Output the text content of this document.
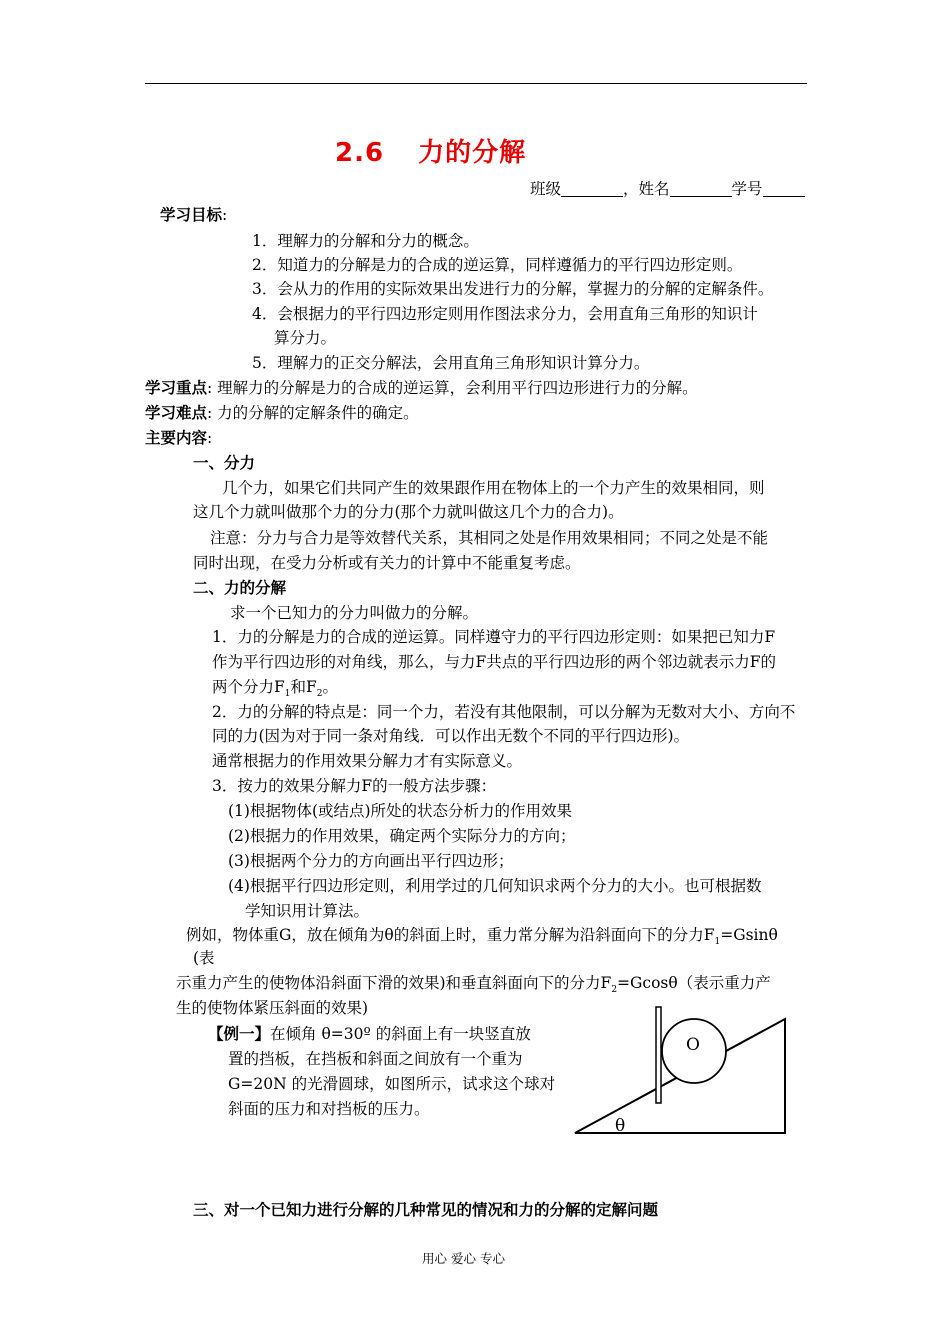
2.6 力的分解
班级	，姓名	学号
学习目标:
1．理解力的分解和分力的概念。
2．知道力的分解是力的合成的逆运算，同样遵循力的平行四边形定则。
3．会从力的作用的实际效果出发进行力的分解，掌握力的分解的定解条件。
4．会根据力的平行四边形定则用作图法求分力，会用直角三角形的知识计
算分力。
5．理解力的正交分解法，会用直角三角形知识计算分力。
学习重点: 理解力的分解是力的合成的逆运算，会利用平行四边形进行力的分解。
学习难点: 力的分解的定解条件的确定。
主要内容:
一、分力
几个力，如果它们共同产生的效果跟作用在物体上的一个力产生的效果相同，则
这几个力就叫做那个力的分力(那个力就叫做这几个力的合力)。
注意：分力与合力是等效替代关系，其相同之处是作用效果相同；不同之处是不能
同时出现，在受力分析或有关力的计算中不能重复考虑。
二、力的分解
求一个已知力的分力叫做力的分解。
1．力的分解是力的合成的逆运算。同样遵守力的平行四边形定则：如果把已知力F
作为平行四边形的对角线，那么，与力F共点的平行四边形的两个邻边就表示力F的
两个分力$F_1$和$F_2$。
2．力的分解的特点是：同一个力，若没有其他限制，可以分解为无数对大小、方向不
同的力(因为对于同一条对角线．可以作出无数个不同的平行四边形)。
通常根据力的作用效果分解力才有实际意义。
3．按力的效果分解力F的一般方法步骤：
(1)根据物体(或结点)所处的状态分析力的作用效果
(2)根据力的作用效果，确定两个实际分力的方向；
(3)根据两个分力的方向画出平行四边形；
(4)根据平行四边形定则，利用学过的几何知识求两个分力的大小。也可根据数
学知识用计算法。
例如，物体重G，放在倾角为θ的斜面上时，重力常分解为沿斜面向下的分力$F_1=Gsin\theta$
(表
示重力产生的使物体沿斜面下滑的效果)和垂直斜面向下的分力$F_2=Gcos\theta$（表示重力产
生的使物体紧压斜面的效果)
【例一】在倾角 θ=30º 的斜面上有一块竖直放
置的挡板，在挡板和斜面之间放有一个重为
G=20N 的光滑圆球，如图所示，试求这个球对
斜面的压力和对挡板的压力。
O
θ
三、对一个已知力进行分解的几种常见的情况和力的分解的定解问题
用心 爱心 专心
